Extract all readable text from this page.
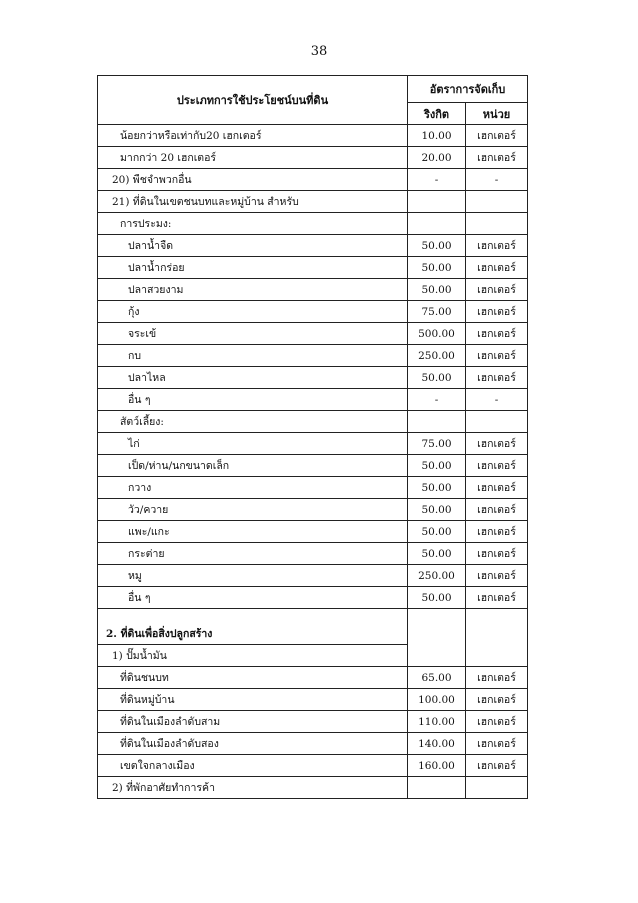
38
ประเภทการใช้ประโยชน์บนที่ดิน	อัตราการจัดเก็บ	
	ริงกิต	หน่วย
น้อยกว่าหรือเท่ากับ20 เฮกเตอร์	10.00	เฮกเตอร์
มากกว่า 20 เฮกเตอร์	20.00	เฮกเตอร์
20) พืชจำพวกอื่น	-	-
21) ที่ดินในเขตชนบทและหมู่บ้าน สำหรับ		
การประมง:		
ปลาน้ำจืด	50.00	เฮกเตอร์
ปลาน้ำกร่อย	50.00	เฮกเตอร์
ปลาสวยงาม	50.00	เฮกเตอร์
กุ้ง	75.00	เฮกเตอร์
จระเข้	500.00	เฮกเตอร์
กบ	250.00	เฮกเตอร์
ปลาไหล	50.00	เฮกเตอร์
อื่น ๆ	-	-
สัตว์เลี้ยง:		
ไก่	75.00	เฮกเตอร์
เป็ด/ห่าน/นกขนาดเล็ก	50.00	เฮกเตอร์
กวาง	50.00	เฮกเตอร์
วัว/ควาย	50.00	เฮกเตอร์
แพะ/แกะ	50.00	เฮกเตอร์
กระต่าย	50.00	เฮกเตอร์
หมู	250.00	เฮกเตอร์
อื่น ๆ	50.00	เฮกเตอร์

2. ที่ดินเพื่อสิ่งปลูกสร้าง		
1) ปั๊มน้ำมัน		
ที่ดินชนบท	65.00	เฮกเตอร์
ที่ดินหมู่บ้าน	100.00	เฮกเตอร์
ที่ดินในเมืองลำดับสาม	110.00	เฮกเตอร์
ที่ดินในเมืองลำดับสอง	140.00	เฮกเตอร์
เขตใจกลางเมือง	160.00	เฮกเตอร์
2) ที่พักอาศัยทำการค้า		
